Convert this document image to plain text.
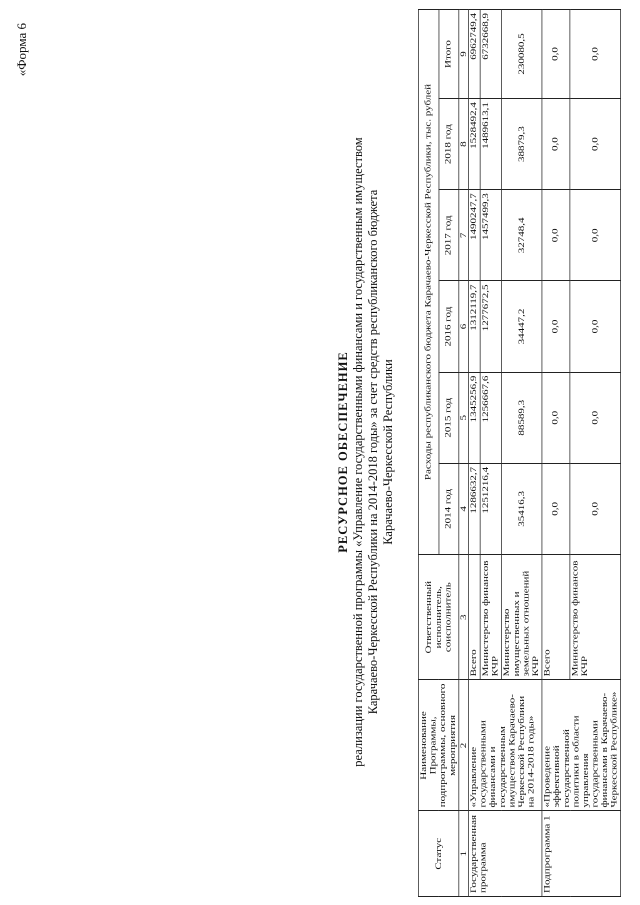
«Форма 6
РЕСУРСНОЕ ОБЕСПЕЧЕНИЕ реализации государственной программы «Управление государственными финансами и государственным имуществом Карачаево-Черкесской Республики на 2014-2018 годы» за счет средств республиканского бюджета Карачаево-Черкесской Республики
Статус	Наименование Программы, подпрограммы, основного мероприятия	Ответственный исполнитель, соисполнитель	Расходы республиканского бюджета Карачаево-Черкесской Республики, тыс. рублей					
			2014 год	2015 год	2016 год	2017 год	2018 год	Итого
1	2	3	4	5	6	7	8	9
Государственная программа	«Управление государственными финансами и государственным имуществом Карачаево-Черкесской Республики на 2014-2018 годы»	Всего	1286632,7	1345256,9	1312119,7	1490247,7	1528492,4	6962749,4
		Министерство финансов КЧР	1251216,4	1256667,6	1277672,5	1457499,3	1489613,1	6732668,9
		Министерство имущественных и земельных отношений КЧР	35416,3	88589,3	34447,2	32748,4	38879,3	230080,5
Подпрограмма 1	«Проведение эффективной государственной политики в области управления государственными финансами в Карачаево-Черкесской Республике»	Всего	0,0	0,0	0,0	0,0	0,0	0,0
		Министерство финансов КЧР	0,0	0,0	0,0	0,0	0,0	0,0
